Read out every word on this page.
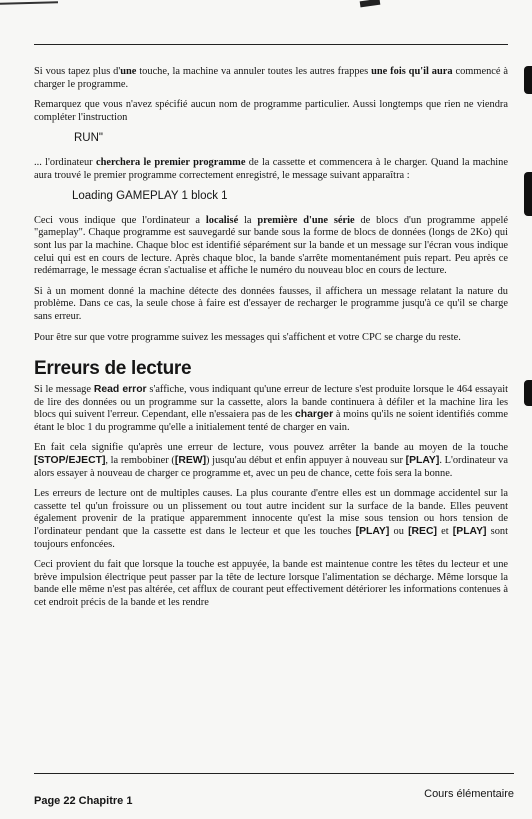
Si vous tapez plus d'une touche, la machine va annuler toutes les autres frappes une fois qu'il aura commencé à charger le programme.

Remarquez que vous n'avez spécifié aucun nom de programme particulier. Aussi longtemps que rien ne viendra compléter l'instruction

RUN"

... l'ordinateur cherchera le premier programme de la cassette et commencera à le charger. Quand la machine aura trouvé le premier programme correctement enregistré, le message suivant apparaîtra :

Loading GAMEPLAY 1 block 1

Ceci vous indique que l'ordinateur a localisé la première d'une série de blocs d'un programme appelé "gameplay". Chaque programme est sauvegardé sur bande sous la forme de blocs de données (longs de 2Ko) qui sont lus par la machine. Chaque bloc est identifié séparément sur la bande et un message sur l'écran vous indique celui qui est en cours de lecture. Après chaque bloc, la bande s'arrête momentanément puis repart. Peu après ce redémarrage, le message écran s'actualise et affiche le numéro du nouveau bloc en cours de lecture.

Si à un moment donné la machine détecte des données fausses, il affichera un message relatant la nature du problème. Dans ce cas, la seule chose à faire est d'essayer de recharger le programme jusqu'à ce qu'il se charge sans erreur.

Pour être sur que votre programme suivez les messages qui s'affichent et votre CPC se charge du reste.

Erreurs de lecture

Si le message Read error s'affiche, vous indiquant qu'une erreur de lecture s'est produite lorsque le 464 essayait de lire des données ou un programme sur la cassette, alors la bande continuera à défiler et la machine lira les blocs qui suivent l'erreur. Cependant, elle n'essaiera pas de les charger à moins qu'ils ne soient identifiés comme étant le bloc 1 du programme qu'elle a initialement tenté de charger en vain.

En fait cela signifie qu'après une erreur de lecture, vous pouvez arrêter la bande au moyen de la touche [STOP/EJECT], la rembobiner ([REW]) jusqu'au début et enfin appuyer à nouveau sur [PLAY]. L'ordinateur va alors essayer à nouveau de charger ce programme et, avec un peu de chance, cette fois sera la bonne.

Les erreurs de lecture ont de multiples causes. La plus courante d'entre elles est un dommage accidentel sur la cassette tel qu'un froissure ou un plissement ou tout autre incident sur la surface de la bande. Elles peuvent également provenir de la pratique apparemment innocente qu'est la mise sous tension ou hors tension de l'ordinateur pendant que la cassette est dans le lecteur et que les touches [PLAY] ou [REC] et [PLAY] sont toujours enfoncées.

Ceci provient du fait que lorsque la touche est appuyée, la bande est maintenue contre les têtes du lecteur et une brève impulsion électrique peut passer par la tête de lecture lorsque l'alimentation se décharge. Même lorsque la bande elle même n'est pas altérée, cet afflux de courant peut effectivement détériorer les informations contenues à cet endroit précis de la bande et les rendre

Page 22 Chapitre 1
Cours élémentaire
